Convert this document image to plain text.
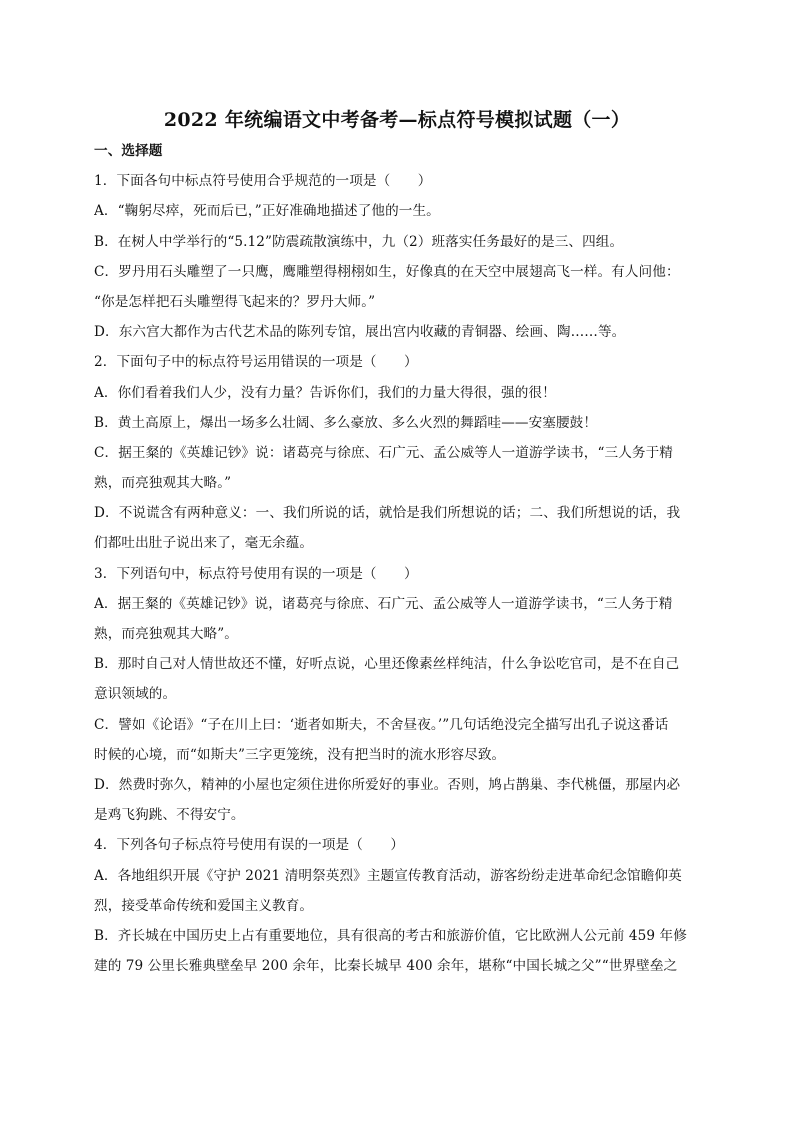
2022 年统编语文中考备考—标点符号模拟试题（一）
一、选择题
1．下面各句中标点符号使用合乎规范的一项是（　　）
A．“鞠躬尽瘁，死而后已，”正好准确地描述了他的一生。
B．在树人中学举行的“5.12”防震疏散演练中，九（2）班落实任务最好的是三、四组。
C．罗丹用石头雕塑了一只鹰，鹰雕塑得栩栩如生，好像真的在天空中展翅高飞一样。有人问他：
“你是怎样把石头雕塑得飞起来的？罗丹大师。”
D．东六宫大都作为古代艺术品的陈列专馆，展出宫内收藏的青铜器、绘画、陶……等。
2．下面句子中的标点符号运用错误的一项是（　　）
A．你们看着我们人少，没有力量？告诉你们，我们的力量大得很，强的很！
B．黄土高原上，爆出一场多么壮阔、多么豪放、多么火烈的舞蹈哇——安塞腰鼓！
C．据王粲的《英雄记钞》说：诸葛亮与徐庶、石广元、孟公威等人一道游学读书，“三人务于精
熟，而亮独观其大略。”
D．不说谎含有两种意义：一、我们所说的话，就恰是我们所想说的话；二、我们所想说的话，我
们都吐出肚子说出来了，毫无余蕴。
3．下列语句中，标点符号使用有误的一项是（　　）
A．据王粲的《英雄记钞》说，诸葛亮与徐庶、石广元、孟公威等人一道游学读书，“三人务于精
熟，而亮独观其大略”。
B．那时自己对人情世故还不懂，好听点说，心里还像素丝样纯洁，什么争讼吃官司，是不在自己
意识领域的。
C．譬如《论语》“子在川上曰：‘逝者如斯夫，不舍昼夜。’”几句话绝没完全描写出孔子说这番话
时候的心境，而“如斯夫”三字更笼统，没有把当时的流水形容尽致。
D．然费时弥久，精神的小屋也定须住进你所爱好的事业。否则，鸠占鹊巢、李代桃僵，那屋内必
是鸡飞狗跳、不得安宁。
4．下列各句子标点符号使用有误的一项是（　　）
A．各地组织开展《守护 2021 清明祭英烈》主题宣传教育活动，游客纷纷走进革命纪念馆瞻仰英
烈，接受革命传统和爱国主义教育。
B．齐长城在中国历史上占有重要地位，具有很高的考古和旅游价值，它比欧洲人公元前 459 年修
建的 79 公里长雅典壁垒早 200 余年，比秦长城早 400 余年，堪称“中国长城之父”“世界壁垒之
